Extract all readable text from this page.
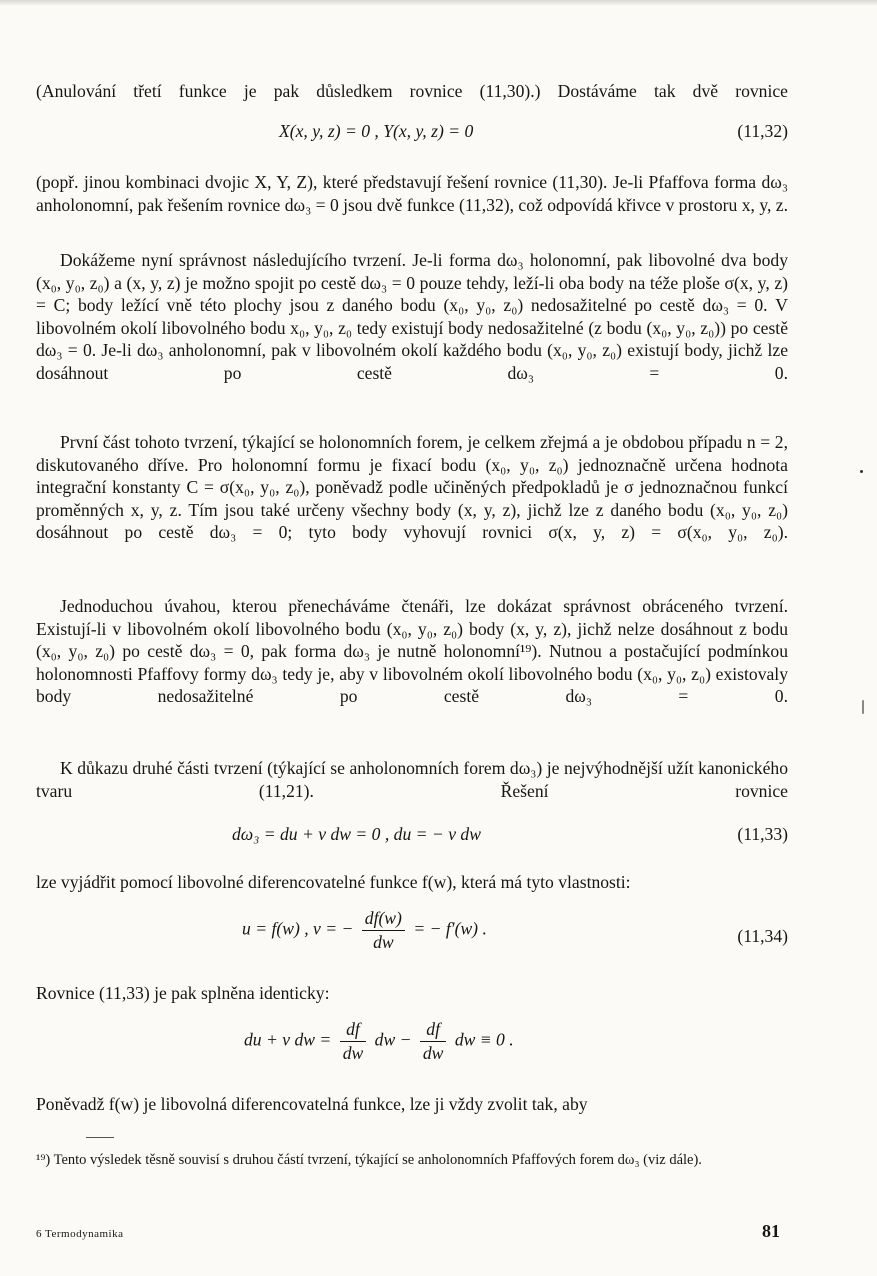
(Anulování třetí funkce je pak důsledkem rovnice (11,30).) Dostáváme tak dvě rovnice

X(x, y, z) = 0 , Y(x, y, z) = 0	(11,32)

(popř. jinou kombinaci dvojic X, Y, Z), které představují řešení rovnice (11,30). Je-li Pfaffova forma dω₃ anholonomní, pak řešením rovnice dω₃ = 0 jsou dvě funkce (11,32), což odpovídá křivce v prostoru x, y, z.

Dokážeme nyní správnost následujícího tvrzení. Je-li forma dω₃ holonomní, pak libovolné dva body (x₀, y₀, z₀) a (x, y, z) je možno spojit po cestě dω₃ = 0 pouze tehdy, leží-li oba body na téže ploše σ(x, y, z) = C; body ležící vně této plochy jsou z daného bodu (x₀, y₀, z₀) nedosažitelné po cestě dω₃ = 0. V libovolném okolí libovolného bodu x₀, y₀, z₀ tedy existují body nedosažitelné (z bodu (x₀, y₀, z₀)) po cestě dω₃ = 0. Je-li dω₃ anholonomní, pak v libovolném okolí každého bodu (x₀, y₀, z₀) existují body, jichž lze dosáhnout po cestě dω₃ = 0.

První část tohoto tvrzení, týkající se holonomních forem, je celkem zřejmá a je obdobou případu n = 2, diskutovaného dříve. Pro holonomní formu je fixací bodu (x₀, y₀, z₀) jednoznačně určena hodnota integrační konstanty C = σ(x₀, y₀, z₀), poněvadž podle učiněných předpokladů je σ jednoznačnou funkcí proměnných x, y, z. Tím jsou také určeny všechny body (x, y, z), jichž lze z daného bodu (x₀, y₀, z₀) dosáhnout po cestě dω₃ = 0; tyto body vyhovují rovnici σ(x, y, z) = σ(x₀, y₀, z₀).

Jednoduchou úvahou, kterou přenecháváme čtenáři, lze dokázat správnost obráceného tvrzení. Existují-li v libovolném okolí libovolného bodu (x₀, y₀, z₀) body (x, y, z), jichž nelze dosáhnout z bodu (x₀, y₀, z₀) po cestě dω₃ = 0, pak forma dω₃ je nutně holonomní¹⁹). Nutnou a postačující podmínkou holonomnosti Pfaffovy formy dω₃ tedy je, aby v libovolném okolí libovolného bodu (x₀, y₀, z₀) existovaly body nedosažitelné po cestě dω₃ = 0.

K důkazu druhé části tvrzení (týkající se anholonomních forem dω₃) je nejvýhodnější užít kanonického tvaru (11,21). Řešení rovnice

dω₃ = du + v dw = 0 , du = − v dw	(11,33)

lze vyjádřit pomocí libovolné diferencovatelné funkce f(w), která má tyto vlastnosti:

u = f(w) , v = − $\frac{df(w)}{dw}$ = − f′(w) .	(11,34)

Rovnice (11,33) je pak splněna identicky:

du + v dw = $\frac{df}{dw}$ dw − $\frac{df}{dw}$ dw ≡ 0 .

Poněvadž f(w) je libovolná diferencovatelná funkce, lze ji vždy zvolit tak, aby

¹⁹) Tento výsledek těsně souvisí s druhou částí tvrzení, týkající se anholonomních Pfaffových forem dω₃ (viz dále).

6 Termodynamika	81
